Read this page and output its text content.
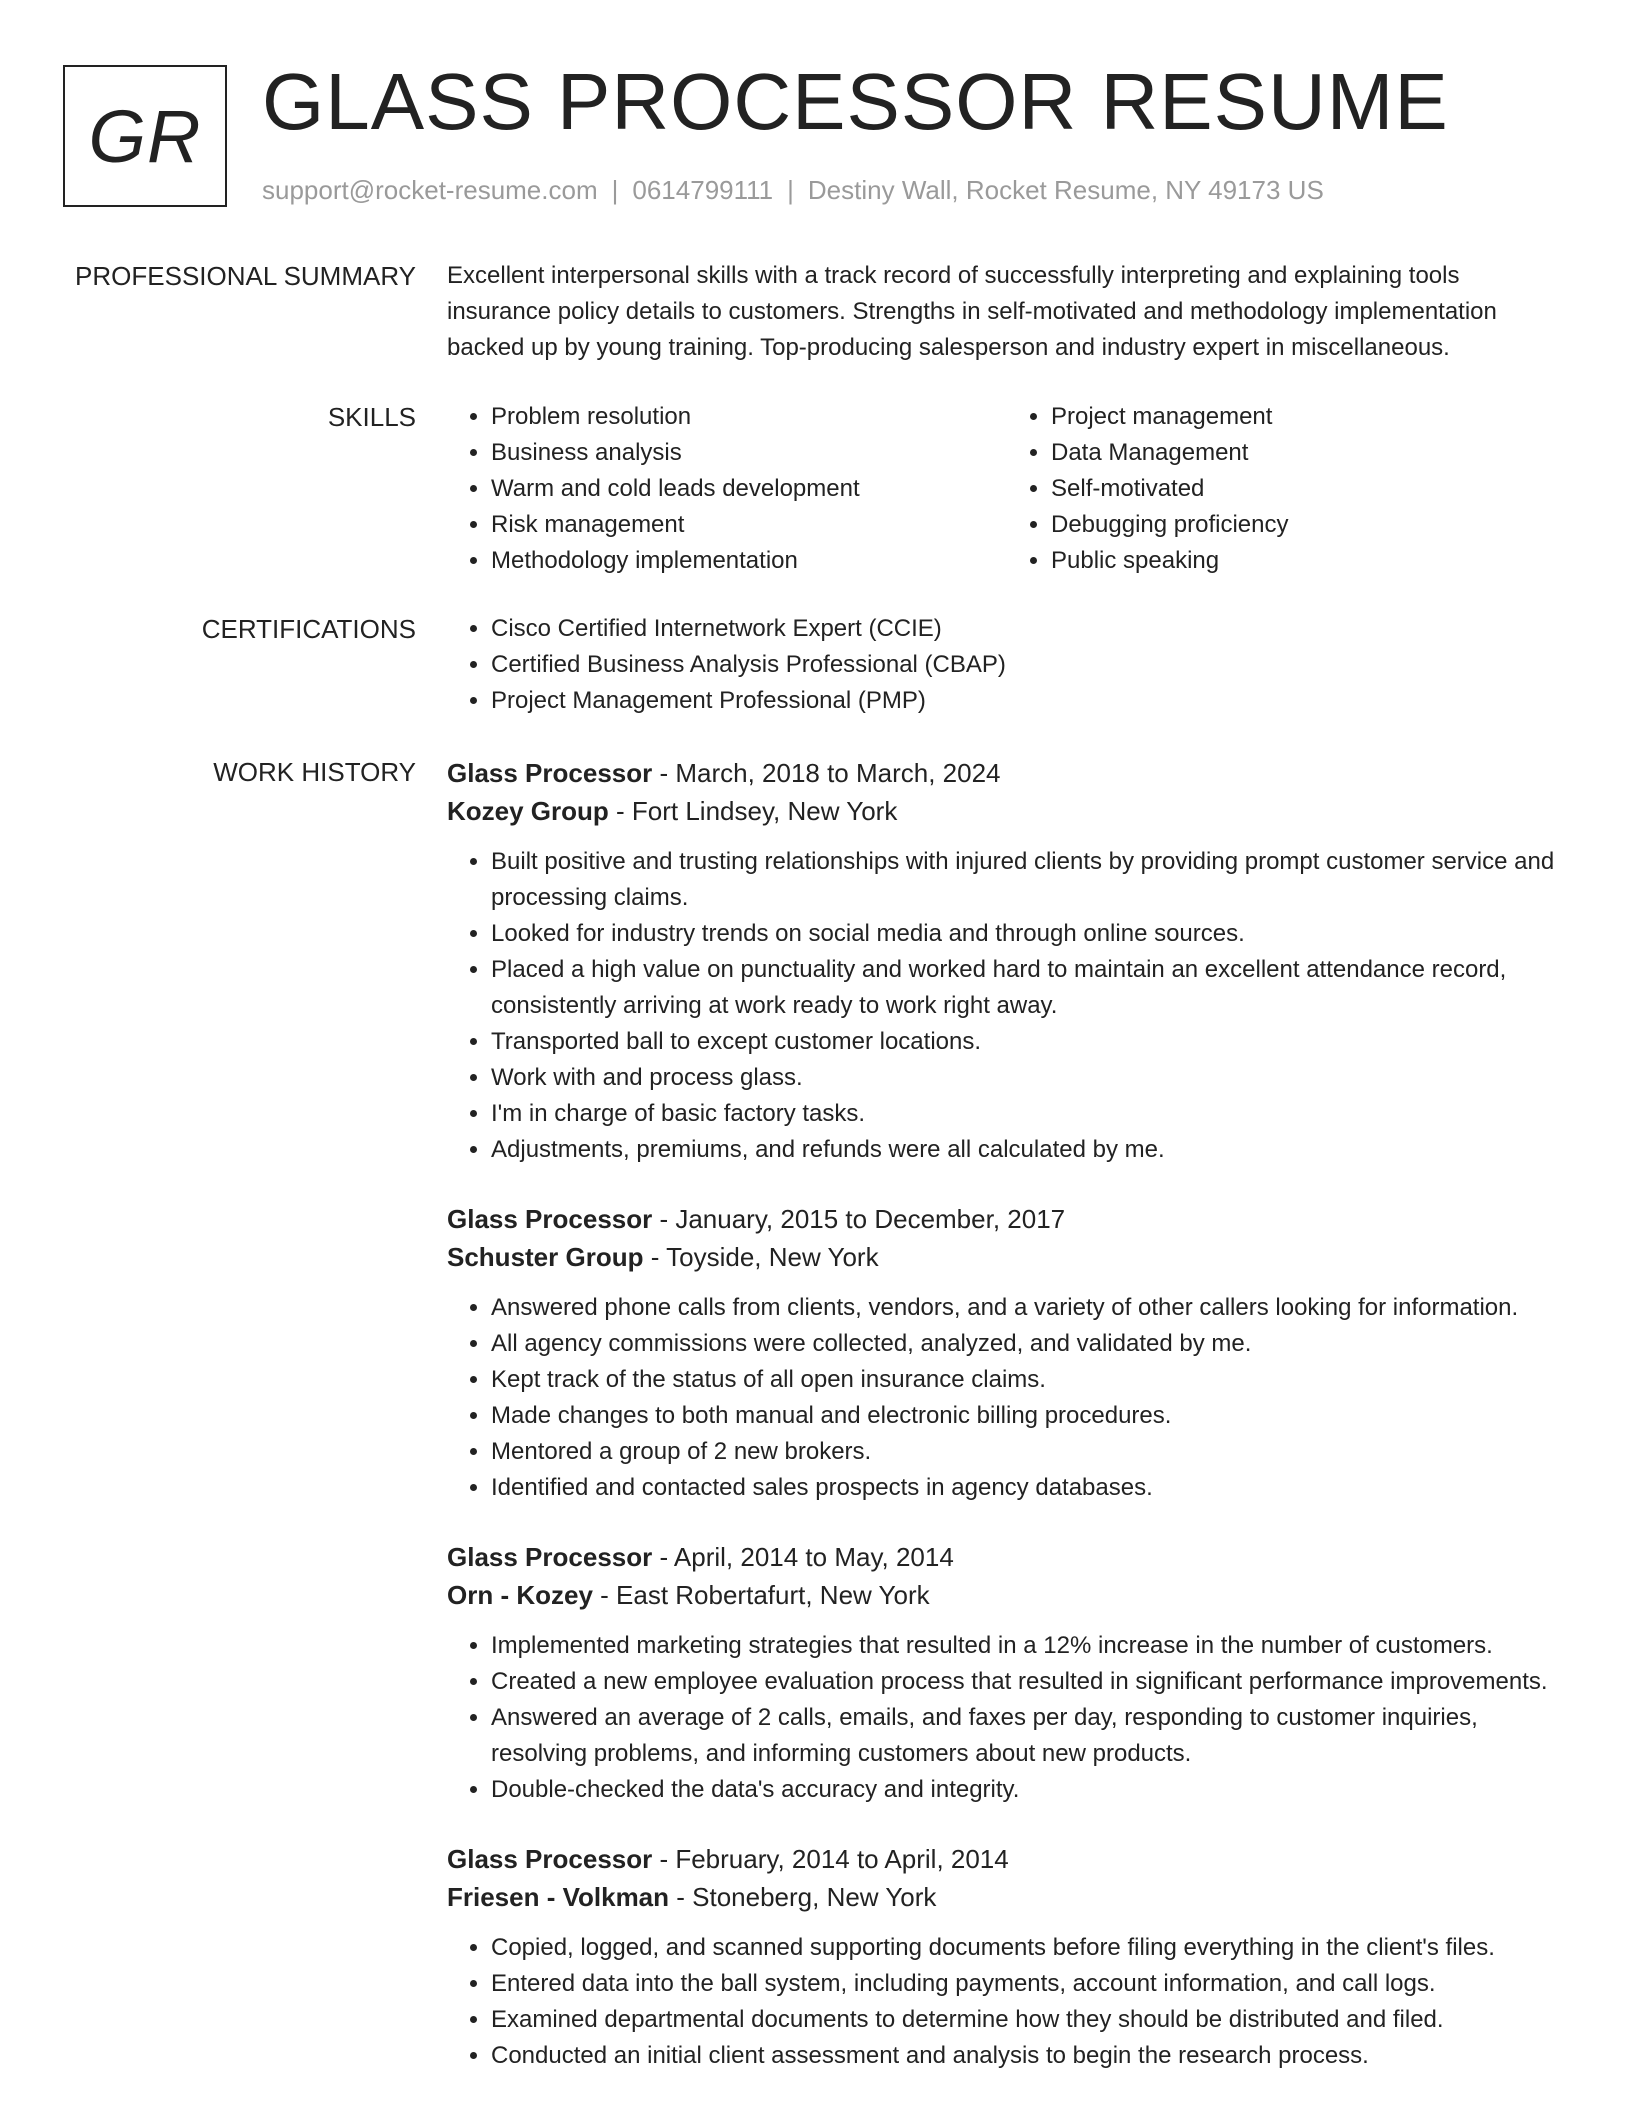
GR GLASS PROCESSOR RESUME
support@rocket-resume.com | 0614799111 | Destiny Wall, Rocket Resume, NY 49173 US
PROFESSIONAL SUMMARY Excellent interpersonal skills with a track record of successfully interpreting and explaining tools

insurance policy details to customers. Strengths in self-motivated and methodology implementation

backed up by young training. Top-producing salesperson and industry expert in miscellaneous.

SKILLS	• Problem resolution
• Business analysis
• Warm and cold leads development
• Risk management
• Methodology implementation
• Project management
• Data Management
• Self-motivated
• Debugging proficiency
• Public speaking
CERTIFICATIONS	• Cisco Certified Internetwork Expert (CCIE)
• Certified Business Analysis Professional (CBAP)
• Project Management Professional (PMP)
WORK HISTORY Glass Processor - March, 2018 to March, 2024
Kozey Group - Fort Lindsey, New York
• Built positive and trusting relationships with injured clients by providing prompt customer service and processing claims.
• Looked for industry trends on social media and through online sources.
• Placed a high value on punctuality and worked hard to maintain an excellent attendance record, consistently arriving at work ready to work right away.
• Transported ball to except customer locations.
• Work with and process glass.
• I'm in charge of basic factory tasks.
• Adjustments, premiums, and refunds were all calculated by me.
Glass Processor - January, 2015 to December, 2017
Schuster Group - Toyside, New York
• Answered phone calls from clients, vendors, and a variety of other callers looking for information.
• All agency commissions were collected, analyzed, and validated by me.
• Kept track of the status of all open insurance claims.
• Made changes to both manual and electronic billing procedures.
• Mentored a group of 2 new brokers.
• Identified and contacted sales prospects in agency databases.
Glass Processor - April, 2014 to May, 2014
Orn - Kozey - East Robertafurt, New York
• Implemented marketing strategies that resulted in a 12% increase in the number of customers.
• Created a new employee evaluation process that resulted in significant performance improvements.
• Answered an average of 2 calls, emails, and faxes per day, responding to customer inquiries, resolving problems, and informing customers about new products.
• Double-checked the data's accuracy and integrity.
Glass Processor - February, 2014 to April, 2014
Friesen - Volkman - Stoneberg, New York
• Copied, logged, and scanned supporting documents before filing everything in the client's files.
• Entered data into the ball system, including payments, account information, and call logs.
• Examined departmental documents to determine how they should be distributed and filed.
• Conducted an initial client assessment and analysis to begin the research process.
